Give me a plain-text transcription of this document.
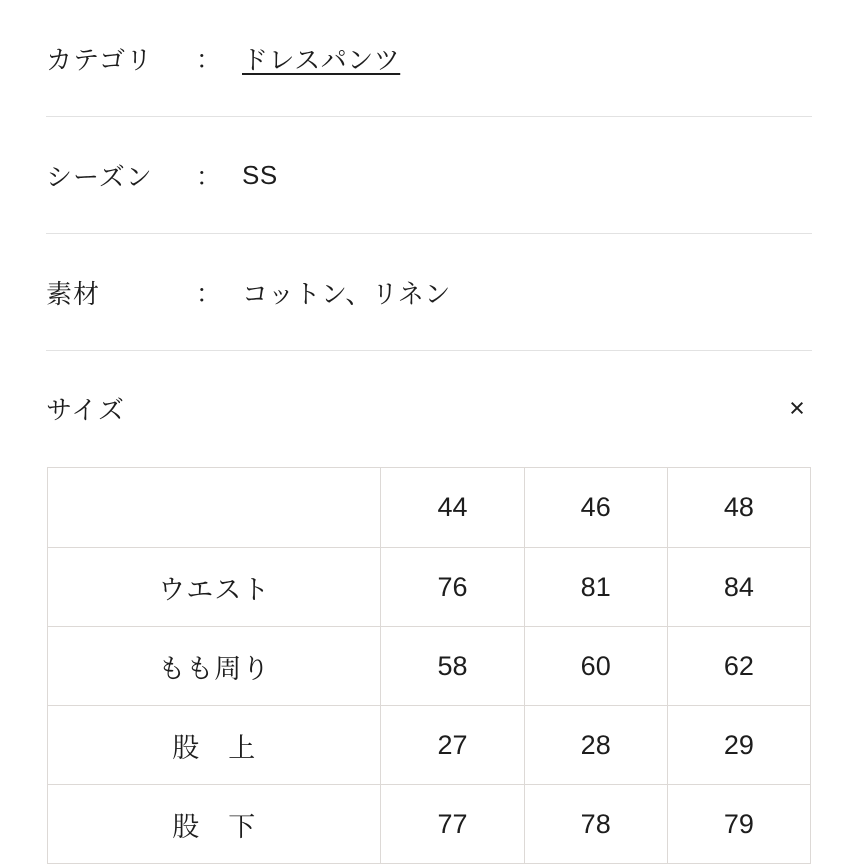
カテゴリ	： ドレスパンツ
シーズン	： SS
素材	： コットン、リネン
サイズ	×
	44	46	48
ウエスト	76	81	84
もも周り	58	60	62
股　上	27	28	29
股　下	77	78	79
